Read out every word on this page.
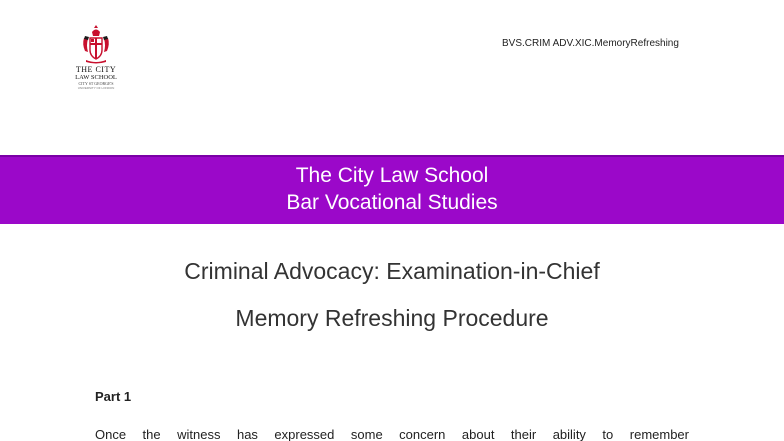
THE CITY
LAW SCHOOL
CITY ST GEORGE'S
UNIVERSITY OF LONDON
BVS.CRIM ADV.XIC.MemoryRefreshing
The City Law School
Bar Vocational Studies
Criminal Advocacy: Examination-in-Chief
Memory Refreshing Procedure
Part 1
Once the witness has expressed some concern about their ability to remember
